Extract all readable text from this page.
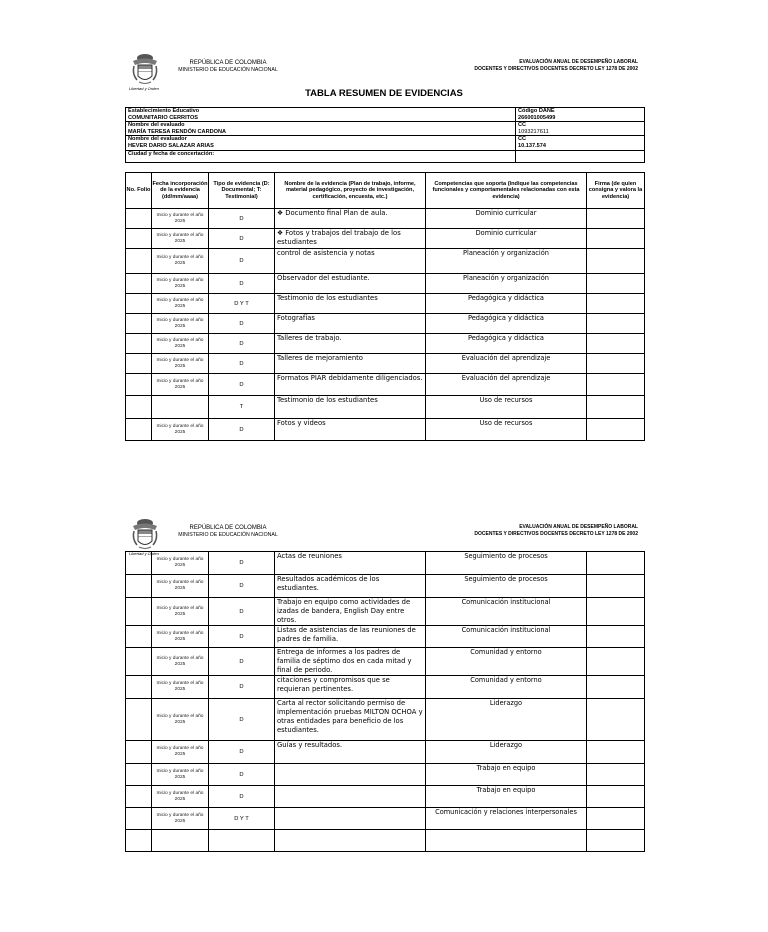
Libertad y Orden
REPÚBLICA DE COLOMBIA
MINISTERIO DE EDUCACIÓN NACIONAL
EVALUACIÓN ANUAL DE DESEMPEÑO LABORAL
DOCENTES Y DIRECTIVOS DOCENTES DECRETO LEY 1278 DE 2002
TABLA RESUMEN DE EVIDENCIAS
Establecimiento Educativo
COMUNITARIO CERRITOS	Código DANE
266001005499
Nombre del evaluado
MARÍA TERESA RENDÓN CARDONA	CC
1093217611
Nombre del evaluador
HEVER DARIO SALAZAR ARIAS	CC
10.137.574
Ciudad y fecha de concertación:	
No. Folio	Fecha incorporación de la evidencia (dd/mm/aaaa)	Tipo de evidencia (D: Documental; T: Testimonial)	Nombre de la evidencia (Plan de trabajo, informe, material pedagógico, proyecto de investigación, certificación, encuesta, etc.)	Competencias que soporta (Indique las competencias funcionales y comportamentales relacionadas con esta evidencia)	Firma (de quien consigna y valora la evidencia)
	Inicio y durante el año 2025	D	❖ Documento final Plan de aula.	Dominio curricular	
	Inicio y durante el año 2025	D	❖ Fotos y trabajos del trabajo de los estudiantes	Dominio curricular	
	Inicio y durante el año 2025	D	control de asistencia y notas	Planeación y organización	
	Inicio y durante el año 2025	D	Observador del estudiante.	Planeación y organización	
	Inicio y durante el año 2025	D Y T	Testimonio de los estudiantes	Pedagógica y didáctica	
	Inicio y durante el año 2025	D	Fotografías	Pedagógica y didáctica	
	Inicio y durante el año 2025	D	Talleres de trabajo.	Pedagógica y didáctica	
	Inicio y durante el año 2025	D	Talleres de mejoramiento	Evaluación del aprendizaje	
	Inicio y durante el año 2025	D	Formatos PIAR debidamente diligenciados.	Evaluación del aprendizaje	
		T	Testimonio de los estudiantes	Uso de recursos	
	Inicio y durante el año 2025	D	Fotos y videos	Uso de recursos	
Libertad y Orden
REPÚBLICA DE COLOMBIA
MINISTERIO DE EDUCACIÓN NACIONAL
EVALUACIÓN ANUAL DE DESEMPEÑO LABORAL
DOCENTES Y DIRECTIVOS DOCENTES DECRETO LEY 1278 DE 2002
	Inicio y durante el año 2025	D	Actas de reuniones	Seguimiento de procesos	
	Inicio y durante el año 2025	D	Resultados académicos de los estudiantes.	Seguimiento de procesos	
	Inicio y durante el año 2025	D	Trabajo en equipo como actividades de izadas de bandera, English Day entre otros.	Comunicación institucional	
	Inicio y durante el año 2025	D	Listas de asistencias de las reuniones de padres de familia.	Comunicación institucional	
	Inicio y durante el año 2025	D	Entrega de informes a los padres de familia de séptimo dos en cada mitad y final de periodo.	Comunidad y entorno	
	Inicio y durante el año 2025	D	citaciones y compromisos que se requieran pertinentes.	Comunidad y entorno	
	Inicio y durante el año 2025	D	Carta al rector solicitando permiso de implementación pruebas MILTON OCHOA y otras entidades para beneficio de los estudiantes.	Liderazgo	
	Inicio y durante el año 2025	D	Guías y resultados.	Liderazgo	
	Inicio y durante el año 2025	D		Trabajo en equipo	
	Inicio y durante el año 2025	D		Trabajo en equipo	
	Inicio y durante el año 2025	D Y T		Comunicación y relaciones interpersonales	
